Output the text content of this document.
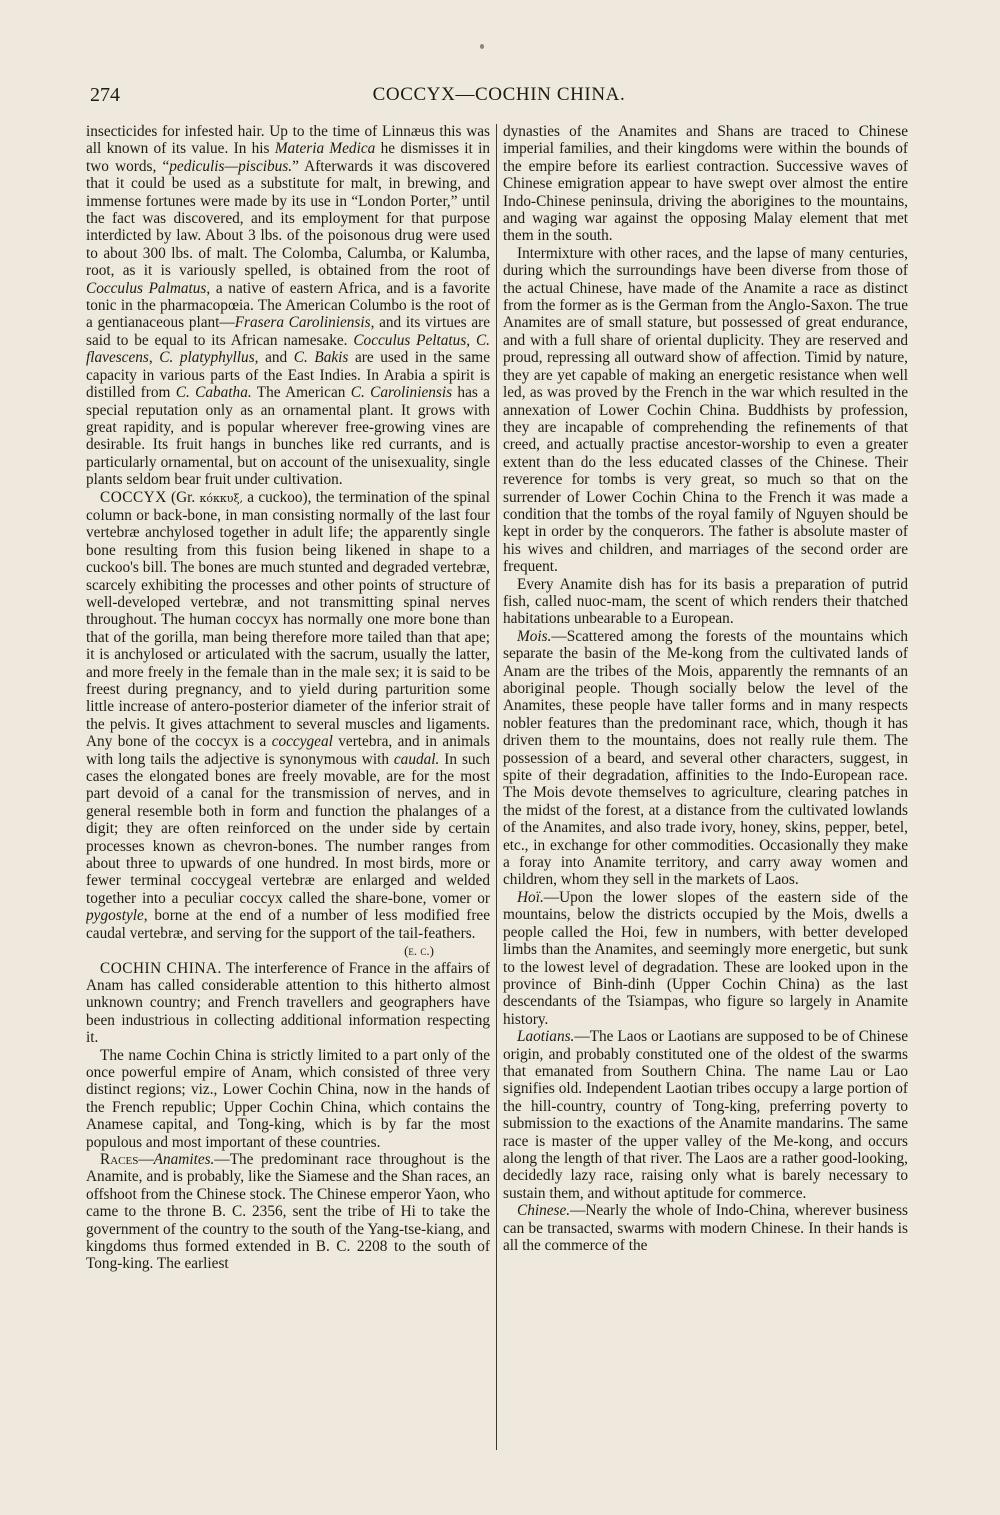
274	COCCYX—COCHIN CHINA.

insecticides for infested hair. Up to the time of Linnæus this was all known of its value. In his Materia Medica he dismisses it in two words, “pediculis—piscibus.” Afterwards it was discovered that it could be used as a substitute for malt, in brewing, and immense fortunes were made by its use in “London Porter,” until the fact was discovered, and its employment for that purpose interdicted by law. About 3 lbs. of the poisonous drug were used to about 300 lbs. of malt. The Colomba, Calumba, or Kalumba, root, as it is variously spelled, is obtained from the root of Cocculus Palmatus, a native of eastern Africa, and is a favorite tonic in the pharmacopœia. The American Columbo is the root of a gentianaceous plant—Frasera Caroliniensis, and its virtues are said to be equal to its African namesake. Cocculus Peltatus, C. flavescens, C. platyphyllus, and C. Bakis are used in the same capacity in various parts of the East Indies. In Arabia a spirit is distilled from C. Cabatha. The American C. Caroliniensis has a special reputation only as an ornamental plant. It grows with great rapidity, and is popular wherever free-growing vines are desirable. Its fruit hangs in bunches like red currants, and is particularly ornamental, but on account of the unisexuality, single plants seldom bear fruit under cultivation.

COCCYX (Gr. κόκκυξ, a cuckoo), the termination of the spinal column or back-bone, in man consisting normally of the last four vertebræ anchylosed together in adult life; the apparently single bone resulting from this fusion being likened in shape to a cuckoo's bill. The bones are much stunted and degraded vertebræ, scarcely exhibiting the processes and other points of structure of well-developed vertebræ, and not transmitting spinal nerves throughout. The human coccyx has normally one more bone than that of the gorilla, man being therefore more tailed than that ape; it is anchylosed or articulated with the sacrum, usually the latter, and more freely in the female than in the male sex; it is said to be freest during pregnancy, and to yield during parturition some little increase of antero-posterior diameter of the inferior strait of the pelvis. It gives attachment to several muscles and ligaments. Any bone of the coccyx is a coccygeal vertebra, and in animals with long tails the adjective is synonymous with caudal. In such cases the elongated bones are freely movable, are for the most part devoid of a canal for the transmission of nerves, and in general resemble both in form and function the phalanges of a digit; they are often reinforced on the under side by certain processes known as chevron-bones. The number ranges from about three to upwards of one hundred. In most birds, more or fewer terminal coccygeal vertebræ are enlarged and welded together into a peculiar coccyx called the share-bone, vomer or pygostyle, borne at the end of a number of less modified free caudal vertebræ, and serving for the support of the tail-feathers.

(e. c.)

COCHIN CHINA. The interference of France in the affairs of Anam has called considerable attention to this hitherto almost unknown country; and French travellers and geographers have been industrious in collecting additional information respecting it.

The name Cochin China is strictly limited to a part only of the once powerful empire of Anam, which consisted of three very distinct regions; viz., Lower Cochin China, now in the hands of the French republic; Upper Cochin China, which contains the Anamese capital, and Tong-king, which is by far the most populous and most important of these countries.

Races—Anamites.—The predominant race throughout is the Anamite, and is probably, like the Siamese and the Shan races, an offshoot from the Chinese stock. The Chinese emperor Yaon, who came to the throne B. C. 2356, sent the tribe of Hi to take the government of the country to the south of the Yang-tse-kiang, and kingdoms thus formed extended in B. C. 2208 to the south of Tong-king. The earliest

dynasties of the Anamites and Shans are traced to Chinese imperial families, and their kingdoms were within the bounds of the empire before its earliest contraction. Successive waves of Chinese emigration appear to have swept over almost the entire Indo-Chinese peninsula, driving the aborigines to the mountains, and waging war against the opposing Malay element that met them in the south.

Intermixture with other races, and the lapse of many centuries, during which the surroundings have been diverse from those of the actual Chinese, have made of the Anamite a race as distinct from the former as is the German from the Anglo-Saxon. The true Anamites are of small stature, but possessed of great endurance, and with a full share of oriental duplicity. They are reserved and proud, repressing all outward show of affection. Timid by nature, they are yet capable of making an energetic resistance when well led, as was proved by the French in the war which resulted in the annexation of Lower Cochin China. Buddhists by profession, they are incapable of comprehending the refinements of that creed, and actually practise ancestor-worship to even a greater extent than do the less educated classes of the Chinese. Their reverence for tombs is very great, so much so that on the surrender of Lower Cochin China to the French it was made a condition that the tombs of the royal family of Nguyen should be kept in order by the conquerors. The father is absolute master of his wives and children, and marriages of the second order are frequent.

Every Anamite dish has for its basis a preparation of putrid fish, called nuoc-mam, the scent of which renders their thatched habitations unbearable to a European.

Mois.—Scattered among the forests of the mountains which separate the basin of the Me-kong from the cultivated lands of Anam are the tribes of the Mois, apparently the remnants of an aboriginal people. Though socially below the level of the Anamites, these people have taller forms and in many respects nobler features than the predominant race, which, though it has driven them to the mountains, does not really rule them. The possession of a beard, and several other characters, suggest, in spite of their degradation, affinities to the Indo-European race. The Mois devote themselves to agriculture, clearing patches in the midst of the forest, at a distance from the cultivated lowlands of the Anamites, and also trade ivory, honey, skins, pepper, betel, etc., in exchange for other commodities. Occasionally they make a foray into Anamite territory, and carry away women and children, whom they sell in the markets of Laos.

Hoï.—Upon the lower slopes of the eastern side of the mountains, below the districts occupied by the Mois, dwells a people called the Hoi, few in numbers, with better developed limbs than the Anamites, and seemingly more energetic, but sunk to the lowest level of degradation. These are looked upon in the province of Binh-dinh (Upper Cochin China) as the last descendants of the Tsiampas, who figure so largely in Anamite history.

Laotians.—The Laos or Laotians are supposed to be of Chinese origin, and probably constituted one of the oldest of the swarms that emanated from Southern China. The name Lau or Lao signifies old. Independent Laotian tribes occupy a large portion of the hill-country, country of Tong-king, preferring poverty to submission to the exactions of the Anamite mandarins. The same race is master of the upper valley of the Me-kong, and occurs along the length of that river. The Laos are a rather good-looking, decidedly lazy race, raising only what is barely necessary to sustain them, and without aptitude for commerce.

Chinese.—Nearly the whole of Indo-China, wherever business can be transacted, swarms with modern Chinese. In their hands is all the commerce of the
